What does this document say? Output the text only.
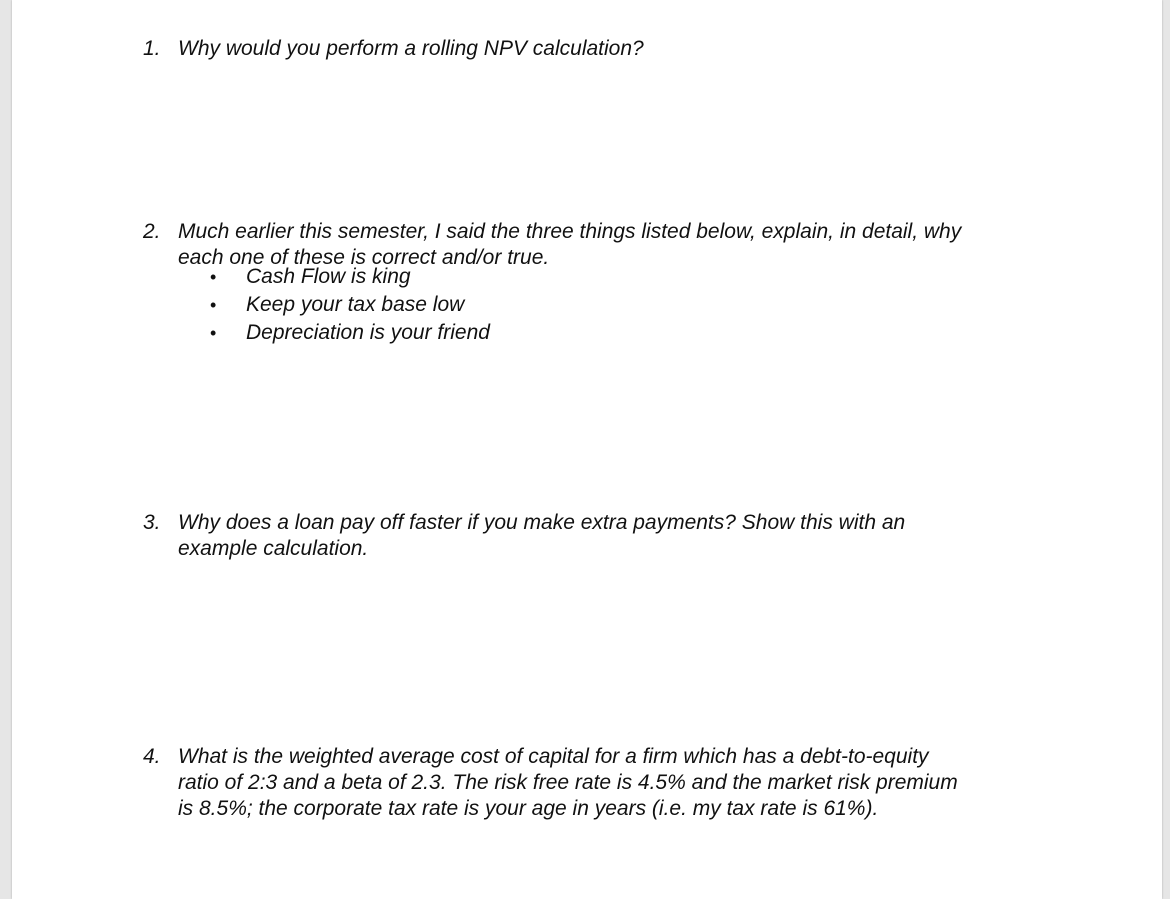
1. Why would you perform a rolling NPV calculation?
2. Much earlier this semester, I said the three things listed below, explain, in detail, why
each one of these is correct and/or true.
• Cash Flow is king
• Keep your tax base low
• Depreciation is your friend
3. Why does a loan pay off faster if you make extra payments? Show this with an
example calculation.
4. What is the weighted average cost of capital for a firm which has a debt-to-equity
ratio of 2:3 and a beta of 2.3. The risk free rate is 4.5% and the market risk premium
is 8.5%; the corporate tax rate is your age in years (i.e. my tax rate is 61%).
